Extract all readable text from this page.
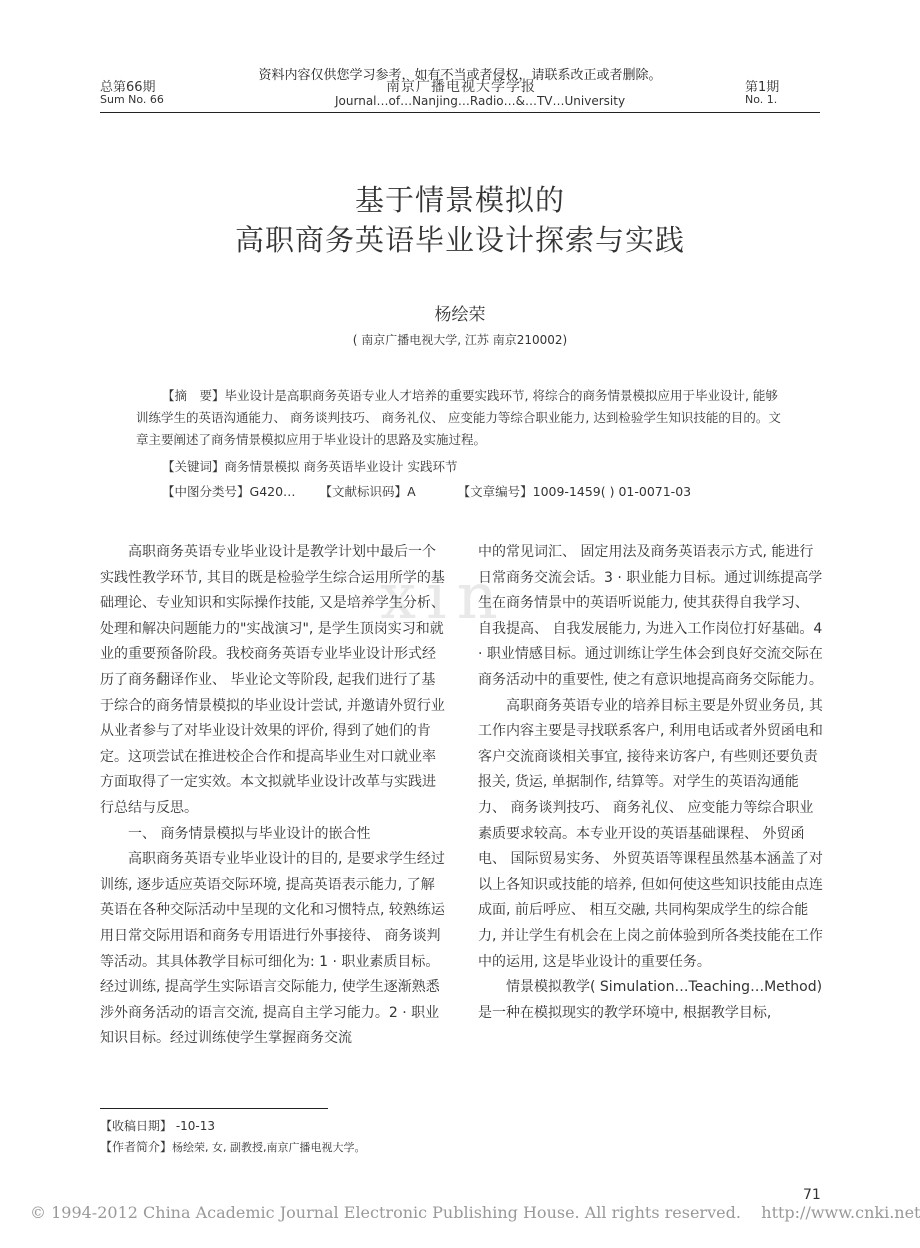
xin
资料内容仅供您学习参考，如有不当或者侵权，请联系改正或者删除。
总第66期
Sum No. 66
南京广播电视大学学报
Journal…of…Nanjing…Radio…&…TV…University
第1期
No. 1.
基于情景模拟的
高职商务英语毕业设计探索与实践
杨绘荣
( 南京广播电视大学, 江苏 南京210002)
【摘　要】毕业设计是高职商务英语专业人才培养的重要实践环节, 将综合的商务情景模拟应用于毕业设计, 能够训练学生的英语沟通能力、 商务谈判技巧、 商务礼仪、 应变能力等综合职业能力, 达到检验学生知识技能的目的。文章主要阐述了商务情景模拟应用于毕业设计的思路及实施过程。
【关键词】商务情景模拟 商务英语毕业设计 实践环节
【中图分类号】G420… 【文献标识码】A	【文章编号】1009-1459( ) 01-0071-03

高职商务英语专业毕业设计是教学计划中最后一个实践性教学环节, 其目的既是检验学生综合运用所学的基础理论、专业知识和实际操作技能, 又是培养学生分析、 处理和解决问题能力的"实战演习", 是学生顶岗实习和就业的重要预备阶段。我校商务英语专业毕业设计形式经历了商务翻译作业、 毕业论文等阶段, 起我们进行了基于综合的商务情景模拟的毕业设计尝试, 并邀请外贸行业从业者参与了对毕业设计效果的评价, 得到了她们的肯定。这项尝试在推进校企合作和提高毕业生对口就业率方面取得了一定实效。本文拟就毕业设计改革与实践进行总结与反思。

一、 商务情景模拟与毕业设计的嵌合性

高职商务英语专业毕业设计的目的, 是要求学生经过训练, 逐步适应英语交际环境, 提高英语表示能力, 了解英语在各种交际活动中呈现的文化和习惯特点, 较熟练运用日常交际用语和商务专用语进行外事接待、 商务谈判等活动。其具体教学目标可细化为: 1 · 职业素质目标。经过训练, 提高学生实际语言交际能力, 使学生逐渐熟悉涉外商务活动的语言交流, 提高自主学习能力。2 · 职业知识目标。经过训练使学生掌握商务交流

中的常见词汇、 固定用法及商务英语表示方式, 能进行日常商务交流会话。3 · 职业能力目标。通过训练提高学生在商务情景中的英语听说能力, 使其获得自我学习、 自我提高、 自我发展能力, 为进入工作岗位打好基础。4 · 职业情感目标。通过训练让学生体会到良好交流交际在商务活动中的重要性, 使之有意识地提高商务交际能力。

高职商务英语专业的培养目标主要是外贸业务员, 其工作内容主要是寻找联系客户, 利用电话或者外贸函电和客户交流商谈相关事宜, 接待来访客户, 有些则还要负责报关, 货运, 单据制作, 结算等。对学生的英语沟通能力、 商务谈判技巧、 商务礼仪、 应变能力等综合职业素质要求较高。本专业开设的英语基础课程、 外贸函电、 国际贸易实务、 外贸英语等课程虽然基本涵盖了对以上各知识或技能的培养, 但如何使这些知识技能由点连成面, 前后呼应、 相互交融, 共同构架成学生的综合能力, 并让学生有机会在上岗之前体验到所各类技能在工作中的运用, 这是毕业设计的重要任务。

情景模拟教学( Simulation…Teaching…Method) 是一种在模拟现实的教学环境中, 根据教学目标,

【收稿日期】 -10-13
【作者简介】杨绘荣, 女, 副教授,南京广播电视大学。
71
© 1994-2012 China Academic Journal Electronic Publishing House. All rights reserved.    http://www.cnki.net
